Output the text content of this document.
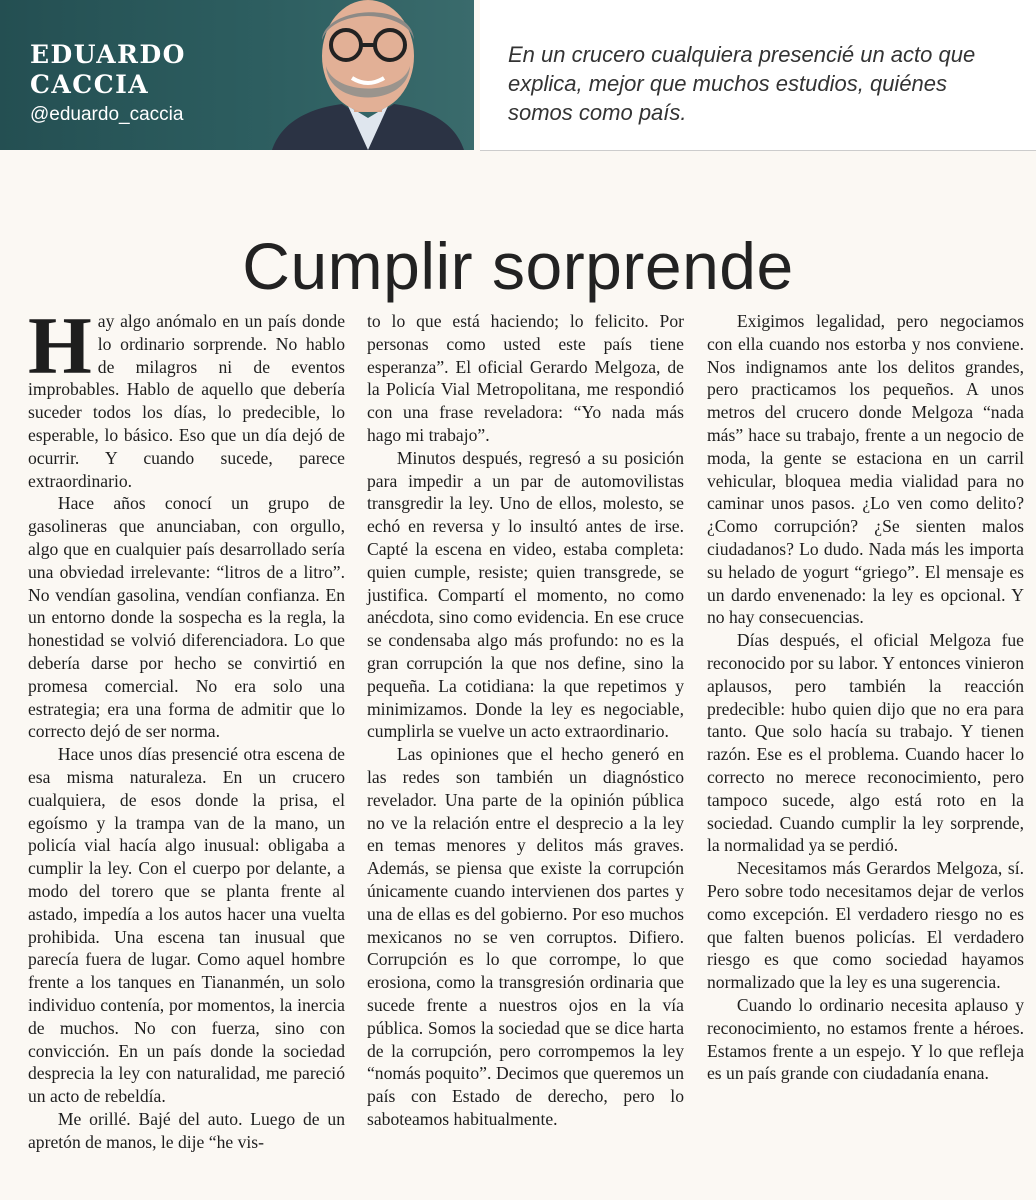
EDUARDO
CACCIA
@eduardo_caccia
En un crucero cualquiera presencié un acto que explica, mejor que muchos estudios, quiénes somos como país.
Cumplir sorprende

Hay algo anómalo en un país donde lo ordinario sorprende. No hablo de milagros ni de eventos improbables. Hablo de aquello que debería suceder todos los días, lo predecible, lo esperable, lo básico. Eso que un día dejó de ocurrir. Y cuando sucede, parece extraordinario.

Hace años conocí un grupo de gasolineras que anunciaban, con orgullo, algo que en cualquier país desarrollado sería una obviedad irrelevante: “litros de a litro”. No vendían gasolina, vendían confianza. En un entorno donde la sospecha es la regla, la honestidad se volvió diferenciadora. Lo que debería darse por hecho se convirtió en promesa comercial. No era solo una estrategia; era una forma de admitir que lo correcto dejó de ser norma.

Hace unos días presencié otra escena de esa misma naturaleza. En un crucero cualquiera, de esos donde la prisa, el egoísmo y la trampa van de la mano, un policía vial hacía algo inusual: obligaba a cumplir la ley. Con el cuerpo por delante, a modo del torero que se planta frente al astado, impedía a los autos hacer una vuelta prohibida. Una escena tan inusual que parecía fuera de lugar. Como aquel hombre frente a los tanques en Tiananmén, un solo individuo contenía, por momentos, la inercia de muchos. No con fuerza, sino con convicción. En un país donde la sociedad desprecia la ley con naturalidad, me pareció un acto de rebeldía.

Me orillé. Bajé del auto. Luego de un apretón de manos, le dije “he vis-

to lo que está haciendo; lo felicito. Por personas como usted este país tiene esperanza”. El oficial Gerardo Melgoza, de la Policía Vial Metropolitana, me respondió con una frase reveladora: “Yo nada más hago mi trabajo”.

Minutos después, regresó a su posición para impedir a un par de automovilistas transgredir la ley. Uno de ellos, molesto, se echó en reversa y lo insultó antes de irse. Capté la escena en video, estaba completa: quien cumple, resiste; quien transgrede, se justifica. Compartí el momento, no como anécdota, sino como evidencia. En ese cruce se condensaba algo más profundo: no es la gran corrupción la que nos define, sino la pequeña. La cotidiana: la que repetimos y minimizamos. Donde la ley es negociable, cumplirla se vuelve un acto extraordinario.

Las opiniones que el hecho generó en las redes son también un diagnóstico revelador. Una parte de la opinión pública no ve la relación entre el desprecio a la ley en temas menores y delitos más graves. Además, se piensa que existe la corrupción únicamente cuando intervienen dos partes y una de ellas es del gobierno. Por eso muchos mexicanos no se ven corruptos. Difiero. Corrupción es lo que corrompe, lo que erosiona, como la transgresión ordinaria que sucede frente a nuestros ojos en la vía pública. Somos la sociedad que se dice harta de la corrupción, pero corrompemos la ley “nomás poquito”. Decimos que queremos un país con Estado de derecho, pero lo saboteamos habitualmente.

Exigimos legalidad, pero negociamos con ella cuando nos estorba y nos conviene. Nos indignamos ante los delitos grandes, pero practicamos los pequeños. A unos metros del crucero donde Melgoza “nada más” hace su trabajo, frente a un negocio de moda, la gente se estaciona en un carril vehicular, bloquea media vialidad para no caminar unos pasos. ¿Lo ven como delito? ¿Como corrupción? ¿Se sienten malos ciudadanos? Lo dudo. Nada más les importa su helado de yogurt “griego”. El mensaje es un dardo envenenado: la ley es opcional. Y no hay consecuencias.

Días después, el oficial Melgoza fue reconocido por su labor. Y entonces vinieron aplausos, pero también la reacción predecible: hubo quien dijo que no era para tanto. Que solo hacía su trabajo. Y tienen razón. Ese es el problema. Cuando hacer lo correcto no merece reconocimiento, pero tampoco sucede, algo está roto en la sociedad. Cuando cumplir la ley sorprende, la normalidad ya se perdió.

Necesitamos más Gerardos Melgoza, sí. Pero sobre todo necesitamos dejar de verlos como excepción. El verdadero riesgo no es que falten buenos policías. El verdadero riesgo es que como sociedad hayamos normalizado que la ley es una sugerencia.

Cuando lo ordinario necesita aplauso y reconocimiento, no estamos frente a héroes. Estamos frente a un espejo. Y lo que refleja es un país grande con ciudadanía enana.
